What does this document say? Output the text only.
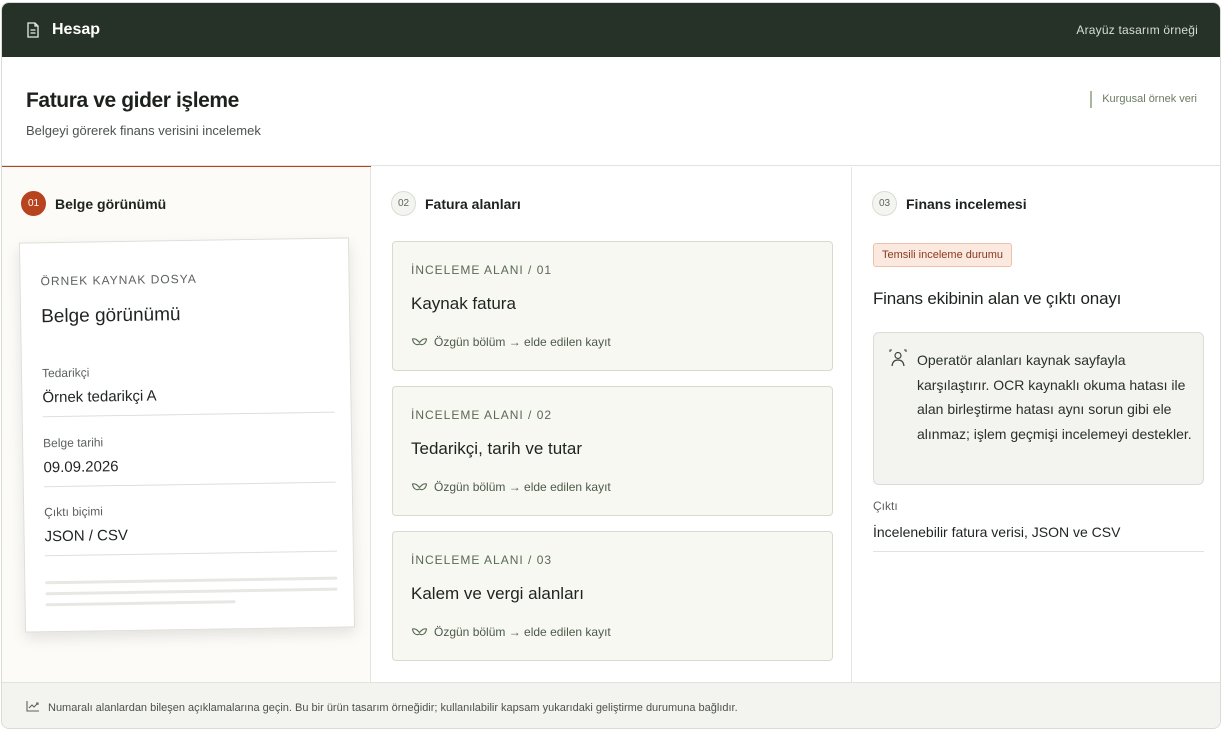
Hesap	Arayüz tasarım örneği
Fatura ve gider işleme

Belgeyi görerek finans verisini incelemek

Kurgusal örnek veri
01	Belge görünümü
ÖRNEK KAYNAK DOSYA
Belge görünümü
Tedarikçi
Örnek tedarikçi A
Belge tarihi
09.09.2026
Çıktı biçimi
JSON / CSV
02	Fatura alanları
İNCELEME ALANI / 01
Kaynak fatura
Özgün bölüm → elde edilen kayıt
İNCELEME ALANI / 02
Tedarikçi, tarih ve tutar
Özgün bölüm → elde edilen kayıt
İNCELEME ALANI / 03
Kalem ve vergi alanları
Özgün bölüm → elde edilen kayıt
03	Finans incelemesi
Temsili inceleme durumu
Finans ekibinin alan ve çıktı onayı

Operatör alanları kaynak sayfayla karşılaştırır. OCR kaynaklı okuma hatası ile alan birleştirme hatası aynı sorun gibi ele alınmaz; işlem geçmişi incelemeyi destekler.

Çıktı
İncelenebilir fatura verisi, JSON ve CSV
Numaralı alanlardan bileşen açıklamalarına geçin. Bu bir ürün tasarım örneğidir; kullanılabilir kapsam yukarıdaki geliştirme durumuna bağlıdır.
